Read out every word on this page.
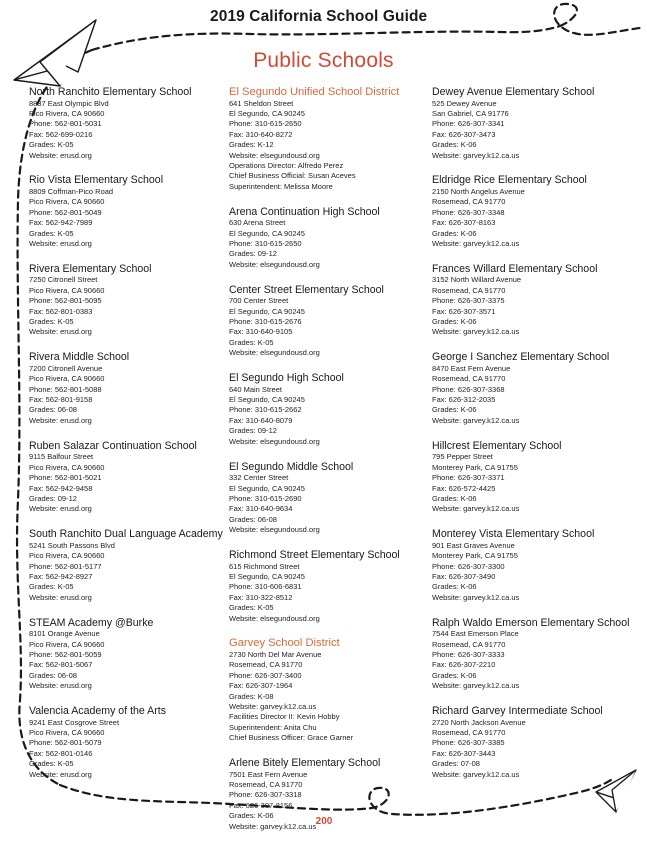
2019 California School Guide
Public Schools
North Ranchito Elementary School
8837 East Olympic Blvd
Pico Rivera, CA 90660
Phone: 562-801-5031
Fax: 562-699-0216
Grades: K-05
Website: erusd.org
Rio Vista Elementary School
8809 Coffman-Pico Road
Pico Rivera, CA 90660
Phone: 562-801-5049
Fax: 562-942-7989
Grades: K-05
Website: erusd.org
Rivera Elementary School
7250 Citronell Street
Pico Rivera, CA 90660
Phone: 562-801-5095
Fax: 562-801-0383
Grades: K-05
Website: erusd.org
Rivera Middle School
7200 Citronell Avenue
Pico Rivera, CA 90660
Phone: 562-801-5088
Fax: 562-801-9158
Grades: 06-08
Website: erusd.org
Ruben Salazar Continuation School
9115 Balfour Street
Pico Rivera, CA 90660
Phone: 562-801-5021
Fax: 562-942-9458
Grades: 09-12
Website: erusd.org
South Ranchito Dual Language Academy
5241 South Passons Blvd
Pico Rivera, CA 90660
Phone: 562-801-5177
Fax: 562-942-8927
Grades: K-05
Website: erusd.org
STEAM Academy @Burke
8101 Orange Avenue
Pico Rivera, CA 90660
Phone: 562-801-5059
Fax: 562-801-5067
Grades: 06-08
Website: erusd.org
Valencia Academy of the Arts
9241 East Cosgrove Street
Pico Rivera, CA 90660
Phone: 562-801-5079
Fax: 562-801-0146
Grades: K-05
Website: erusd.org
El Segundo Unified School District
641 Sheldon Street
El Segundo, CA 90245
Phone: 310-615-2650
Fax: 310-640-8272
Grades: K-12
Website: elsegundousd.org
Operations Director: Alfredo Perez
Chief Business Official: Susan Aceves
Superintendent: Melissa Moore
Arena Continuation High School
630 Arena Street
El Segundo, CA 90245
Phone: 310-615-2650
Grades: 09-12
Website: elsegundousd.org
Center Street Elementary School
700 Center Street
El Segundo, CA 90245
Phone: 310-615-2676
Fax: 310-640-9105
Grades: K-05
Website: elsegundousd.org
El Segundo High School
640 Main Street
El Segundo, CA 90245
Phone: 310-615-2662
Fax: 310-640-8079
Grades: 09-12
Website: elsegundousd.org
El Segundo Middle School
332 Center Street
El Segundo, CA 90245
Phone: 310-615-2690
Fax: 310-640-9634
Grades: 06-08
Website: elsegundousd.org
Richmond Street Elementary School
615 Richmond Street
El Segundo, CA 90245
Phone: 310-606-6831
Fax: 310-322-8512
Grades: K-05
Website: elsegundousd.org
Garvey School District
2730 North Del Mar Avenue
Rosemead, CA 91770
Phone: 626-307-3400
Fax: 626-307-1964
Grades: K-08
Website: garvey.k12.ca.us
Facilities Director II: Kevin Hobby
Superintendent: Anita Chu
Chief Business Officer: Grace Garner
Arlene Bitely Elementary School
7501 East Fern Avenue
Rosemead, CA 91770
Phone: 626-307-3318
Fax: 626-307-8156
Grades: K-06
Website: garvey.k12.ca.us
Dewey Avenue Elementary School
525 Dewey Avenue
San Gabriel, CA 91776
Phone: 626-307-3341
Fax: 626-307-3473
Grades: K-06
Website: garvey.k12.ca.us
Eldridge Rice Elementary School
2150 North Angelus Avenue
Rosemead, CA 91770
Phone: 626-307-3348
Fax: 626-307-8163
Grades: K-06
Website: garvey.k12.ca.us
Frances Willard Elementary School
3152 North Willard Avenue
Rosemead, CA 91770
Phone: 626-307-3375
Fax: 626-307-3571
Grades: K-06
Website: garvey.k12.ca.us
George I Sanchez Elementary School
8470 East Fern Avenue
Rosemead, CA 91770
Phone: 626-307-3368
Fax: 626-312-2035
Grades: K-06
Website: garvey.k12.ca.us
Hillcrest Elementary School
795 Pepper Street
Monterey Park, CA 91755
Phone: 626-307-3371
Fax: 626-572-4425
Grades: K-06
Website: garvey.k12.ca.us
Monterey Vista Elementary School
901 East Graves Avenue
Monterey Park, CA 91755
Phone: 626-307-3300
Fax: 626-307-3490
Grades: K-06
Website: garvey.k12.ca.us
Ralph Waldo Emerson Elementary School
7544 East Emerson Place
Rosemead, CA 91770
Phone: 626-307-3333
Fax: 626-307-2210
Grades: K-06
Website: garvey.k12.ca.us
Richard Garvey Intermediate School
2720 North Jackson Avenue
Rosemead, CA 91770
Phone: 626-307-3385
Fax: 626-307-3443
Grades: 07-08
Website: garvey.k12.ca.us
200
